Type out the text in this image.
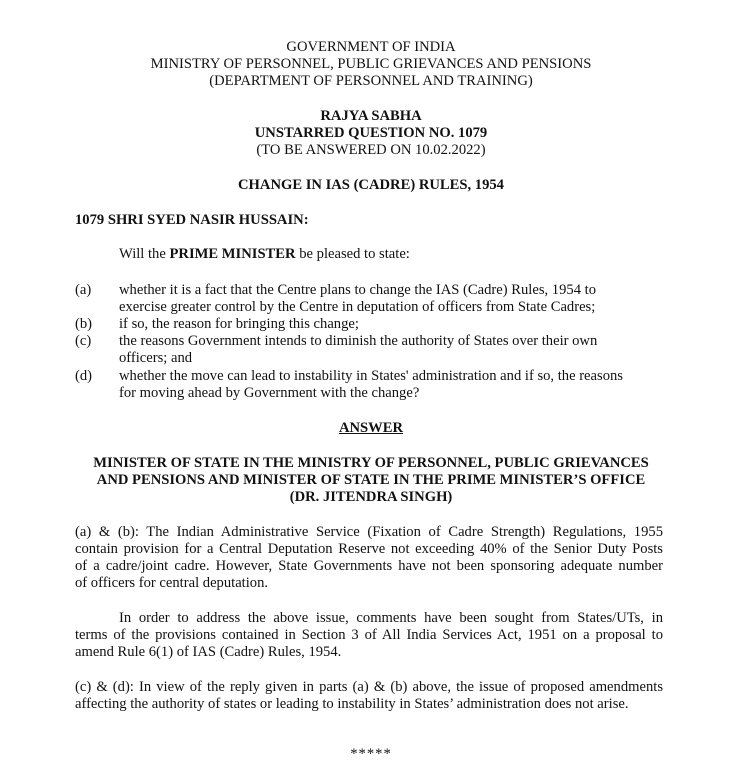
GOVERNMENT OF INDIA

MINISTRY OF PERSONNEL, PUBLIC GRIEVANCES AND PENSIONS

(DEPARTMENT OF PERSONNEL AND TRAINING)

RAJYA SABHA

UNSTARRED QUESTION NO. 1079

(TO BE ANSWERED ON 10.02.2022)

CHANGE IN IAS (CADRE) RULES, 1954

1079 SHRI SYED NASIR HUSSAIN:

Will the PRIME MINISTER be pleased to state:

(a) whether it is a fact that the Centre plans to change the IAS (Cadre) Rules, 1954 to

exercise greater control by the Centre in deputation of officers from State Cadres;

(b) if so, the reason for bringing this change;

(c) the reasons Government intends to diminish the authority of States over their own

officers; and

(d) whether the move can lead to instability in States' administration and if so, the reasons

for moving ahead by Government with the change?

ANSWER

MINISTER OF STATE IN THE MINISTRY OF PERSONNEL, PUBLIC GRIEVANCES

AND PENSIONS AND MINISTER OF STATE IN THE PRIME MINISTER’S OFFICE

(DR. JITENDRA SINGH)

(a) & (b): The Indian Administrative Service (Fixation of Cadre Strength) Regulations, 1955
contain provision for a Central Deputation Reserve not exceeding 40% of the Senior Duty Posts
of a cadre/joint cadre. However, State Governments have not been sponsoring adequate number
of officers for central deputation.
In order to address the above issue, comments have been sought from States/UTs, in
terms of the provisions contained in Section 3 of All India Services Act, 1951 on a proposal to
amend Rule 6(1) of IAS (Cadre) Rules, 1954.
(c) & (d): In view of the reply given in parts (a) & (b) above, the issue of proposed amendments
affecting the authority of states or leading to instability in States’ administration does not arise.

*****
